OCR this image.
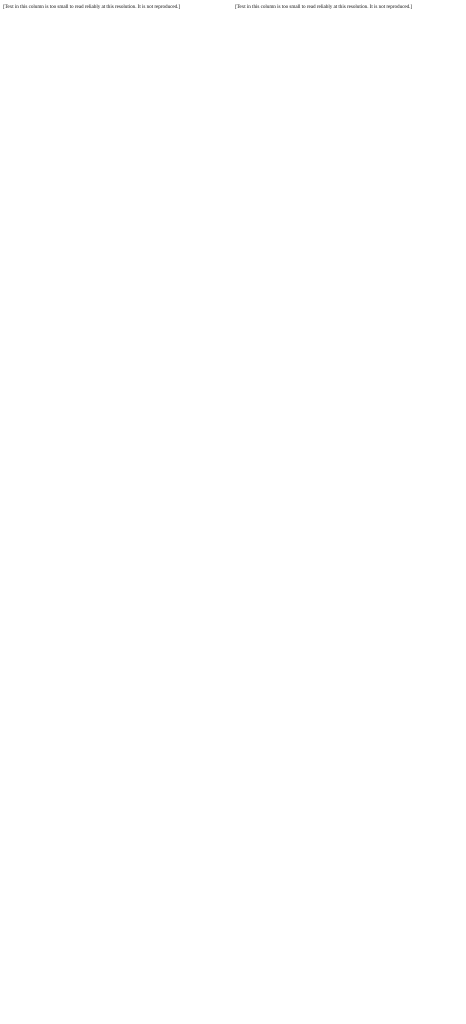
[Text in this column is too small to read reliably at this resolution. It is not reproduced.]	[Text in this column is too small to read reliably at this resolution. It is not reproduced.]
